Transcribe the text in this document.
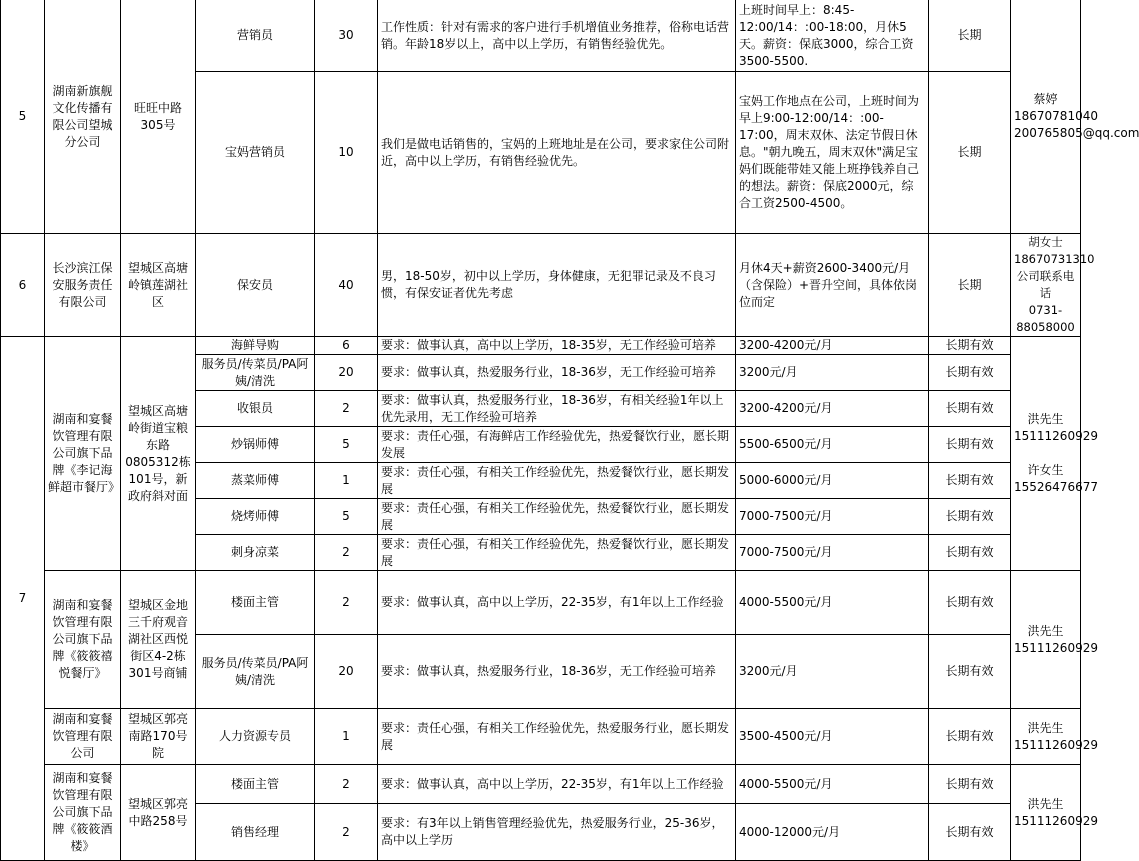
5	湖南新旗舰文化传播有限公司望城分公司	旺旺中路305号	营销员	30	工作性质：针对有需求的客户进行手机增值业务推荐，俗称电话营销。年龄18岁以上，高中以上学历，有销售经验优先。	上班时间早上：8:45-12:00/14：:00-18:00，月休5天。薪资：保底3000，综合工资3500-5500.	长期	蔡婷
18670781040
200765805@qq.com
			宝妈营销员	10	我们是做电话销售的，宝妈的上班地址是在公司，要求家住公司附近，高中以上学历，有销售经验优先。	宝妈工作地点在公司，上班时间为早上9:00-12:00/14：:00-17:00，周末双休、法定节假日休息。"朝九晚五，周末双休"满足宝妈们既能带娃又能上班挣钱养自己的想法。薪资：保底2000元，综合工资2500-4500。	长期	
6	长沙滨江保安服务责任有限公司	望城区高塘岭镇莲湖社区	保安员	40	男，18-50岁，初中以上学历，身体健康，无犯罪记录及不良习惯，有保安证者优先考虑	月休4天+薪资2600-3400元/月（含保险）+晋升空间，具体依岗位而定	长期	胡女士
18670731310
公司联系电话
0731-88058000
7	湖南和宴餐饮管理有限公司旗下品牌《李记海鲜超市餐厅》	望城区高塘岭街道宝粮东路0805312栋101号，新政府斜对面	海鲜导购	6	要求：做事认真，高中以上学历，18-35岁，无工作经验可培养	3200-4200元/月	长期有效	洪先生
15111260929

许女生
15526476677
			服务员/传菜员/PA阿姨/清洗	20	要求：做事认真，热爱服务行业，18-36岁，无工作经验可培养	3200元/月	长期有效	
			收银员	2	要求：做事认真，热爱服务行业，18-36岁，有相关经验1年以上优先录用，无工作经验可培养	3200-4200元/月	长期有效	
			炒锅师傅	5	要求：责任心强，有海鲜店工作经验优先，热爱餐饮行业，愿长期发展	5500-6500元/月	长期有效	
			蒸菜师傅	1	要求：责任心强，有相关工作经验优先，热爱餐饮行业，愿长期发展	5000-6000元/月	长期有效	
			烧烤师傅	5	要求：责任心强，有相关工作经验优先，热爱餐饮行业，愿长期发展	7000-7500元/月	长期有效	
			刺身凉菜	2	要求：责任心强，有相关工作经验优先，热爱餐饮行业，愿长期发展	7000-7500元/月	长期有效	
	湖南和宴餐饮管理有限公司旗下品牌《筱筱禧悦餐厅》	望城区金地三千府观音湖社区西悦街区4-2栋301号商铺	楼面主管	2	要求：做事认真，高中以上学历，22-35岁，有1年以上工作经验	4000-5500元/月	长期有效	洪先生
15111260929
			服务员/传菜员/PA阿姨/清洗	20	要求：做事认真，热爱服务行业，18-36岁，无工作经验可培养	3200元/月	长期有效	
	湖南和宴餐饮管理有限公司	望城区郭亮南路170号院	人力资源专员	1	要求：责任心强，有相关工作经验优先，热爱服务行业，愿长期发展	3500-4500元/月	长期有效	洪先生
15111260929
	湖南和宴餐饮管理有限公司旗下品牌《筱筱酒楼》	望城区郭亮中路258号	楼面主管	2	要求：做事认真，高中以上学历，22-35岁，有1年以上工作经验	4000-5500元/月	长期有效	洪先生
15111260929
			销售经理	2	要求：有3年以上销售管理经验优先，热爱服务行业，25-36岁，高中以上学历	4000-12000元/月	长期有效	
